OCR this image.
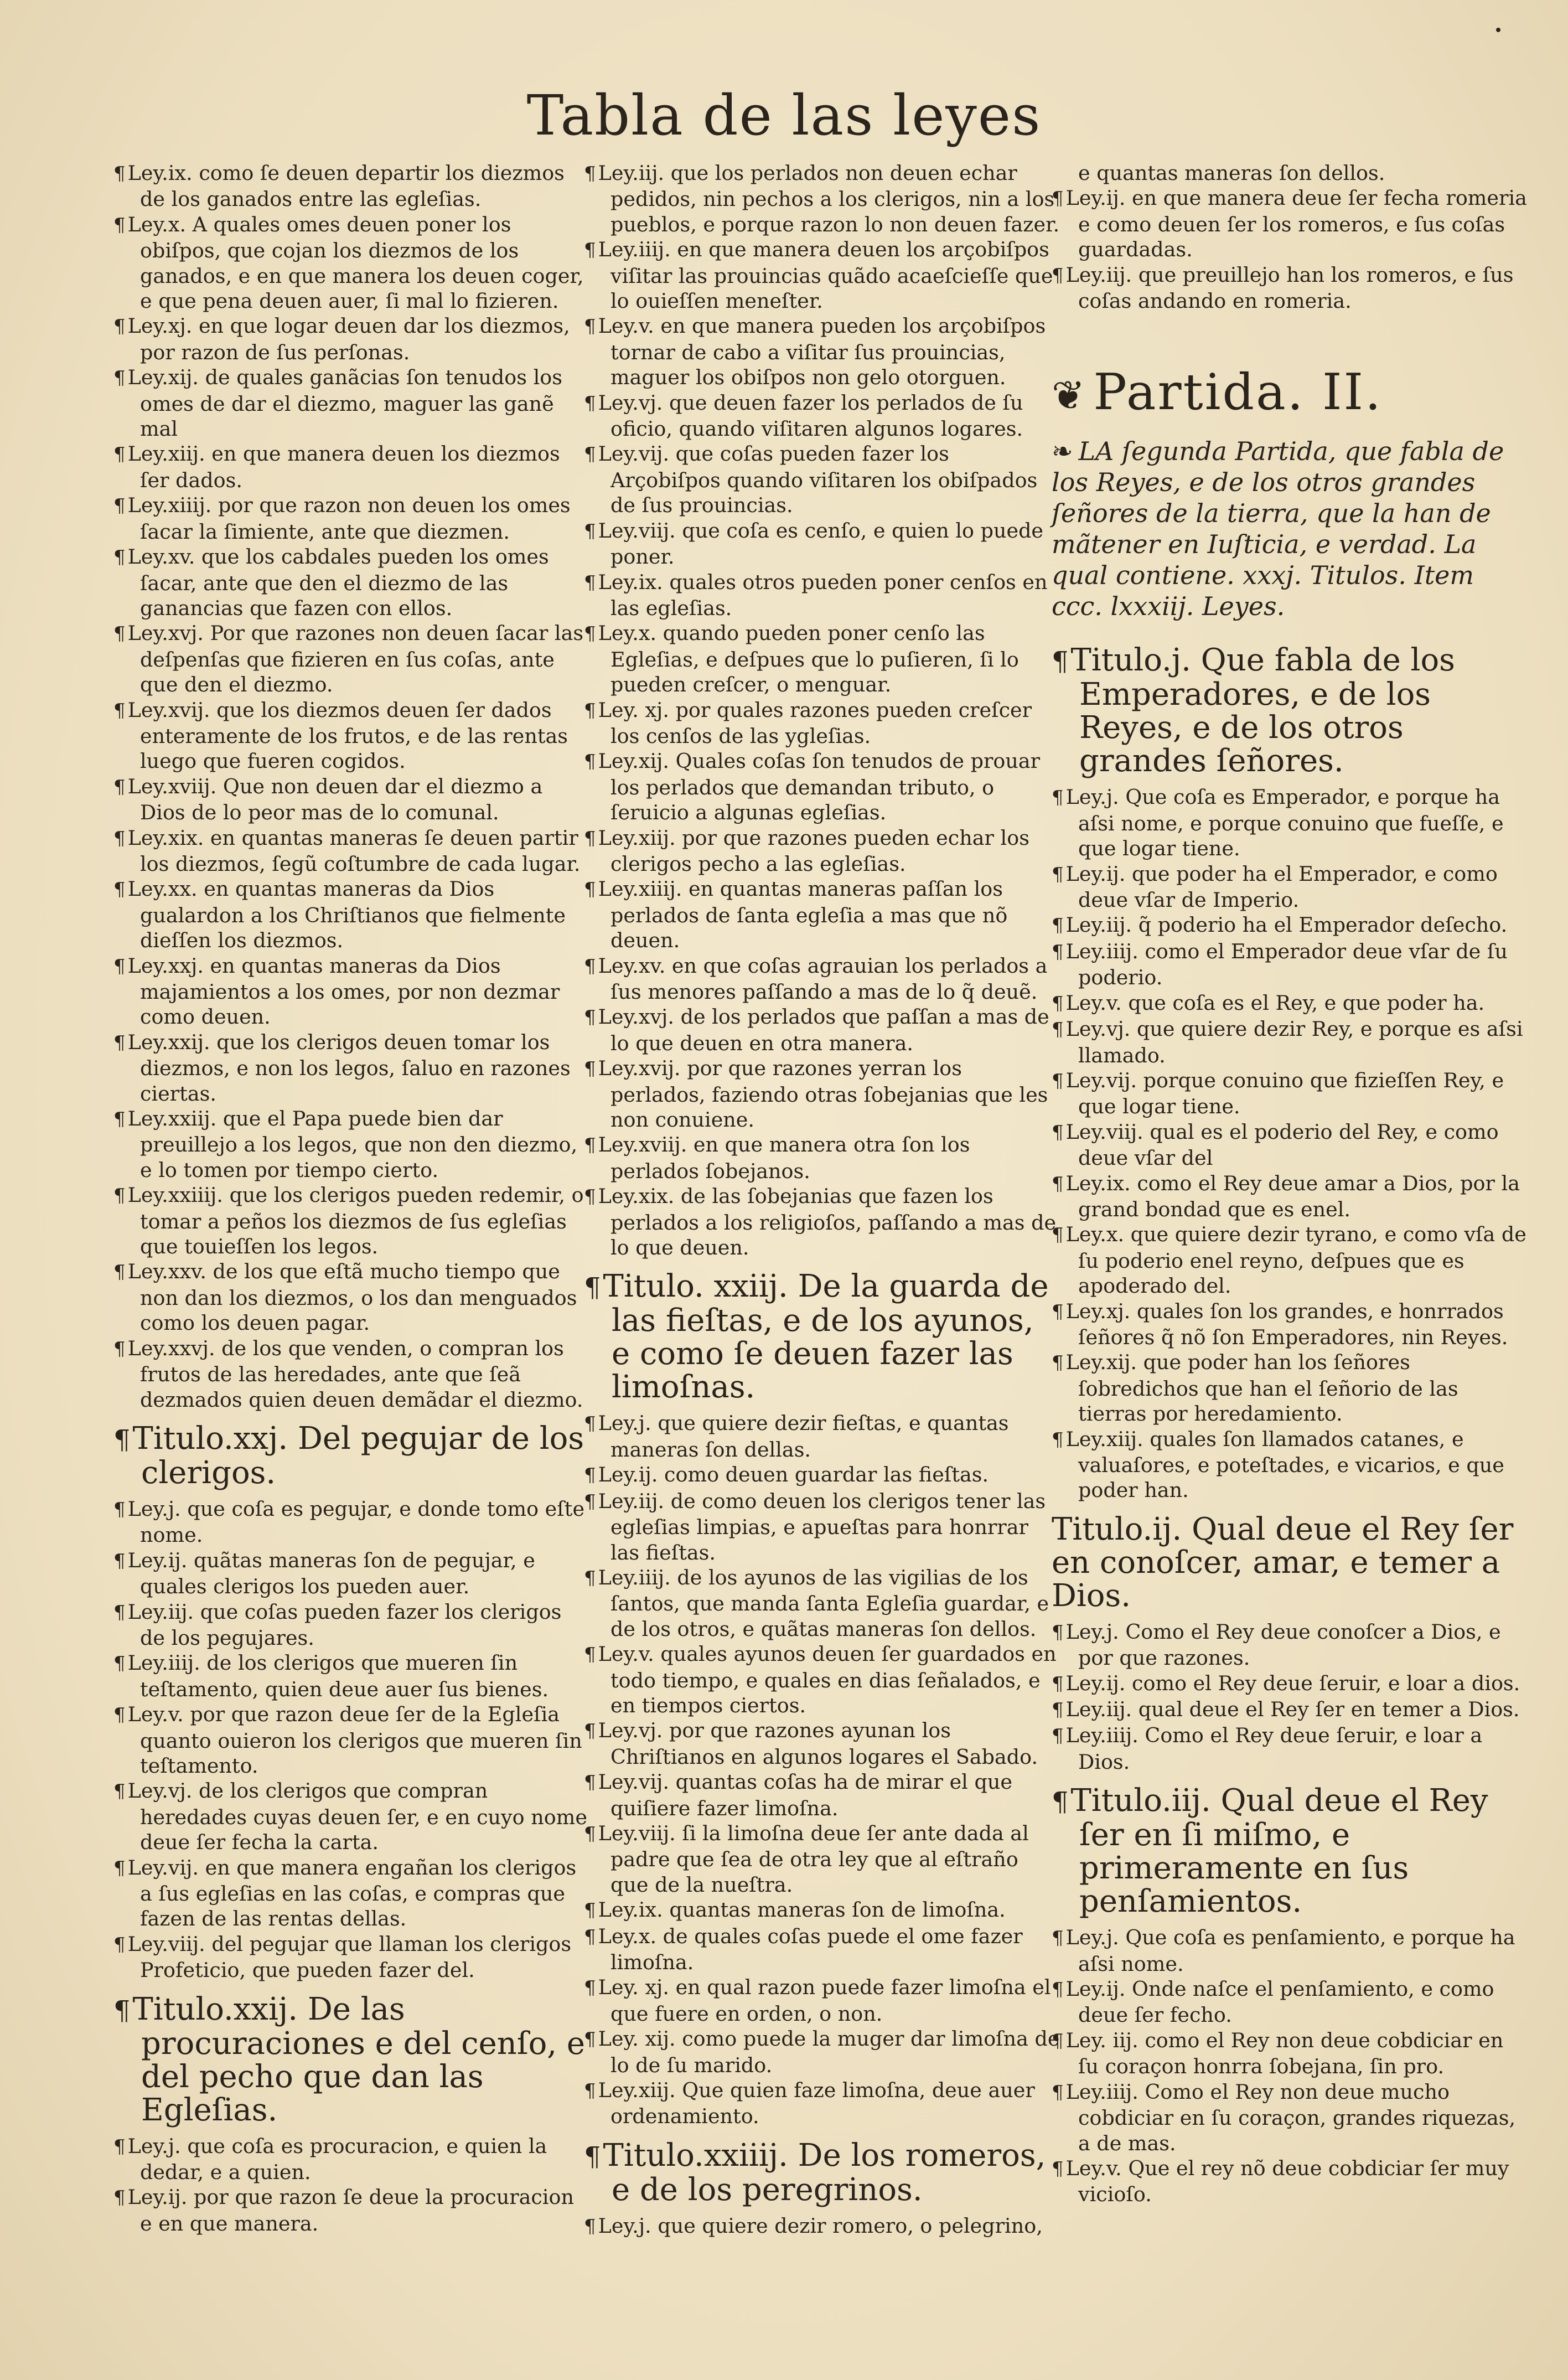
Tabla de las leyes

¶ Ley.ix. como ſe deuen departir los diezmos de los ganados entre las egleſias.

¶ Ley.x. A quales omes deuen poner los obiſpos, que cojan los diezmos de los ganados, e en que manera los deuen coger, e que pena deuen auer, ſi mal lo fizieren.

¶ Ley.xj. en que logar deuen dar los diezmos, por razon de ſus perſonas.

¶ Ley.xij. de quales ganãcias ſon tenudos los omes de dar el diezmo, maguer las ganẽ mal

¶ Ley.xiij. en que manera deuen los diezmos ſer dados.

¶ Ley.xiiij. por que razon non deuen los omes ſacar la ſimiente, ante que diezmen.

¶ Ley.xv. que los cabdales pueden los omes ſacar, ante que den el diezmo de las ganancias que fazen con ellos.

¶ Ley.xvj. Por que razones non deuen ſacar las deſpenſas que fizieren en ſus coſas, ante que den el diezmo.

¶ Ley.xvij. que los diezmos deuen ſer dados enteramente de los frutos, e de las rentas luego que fueren cogidos.

¶ Ley.xviij. Que non deuen dar el diezmo a Dios de lo peor mas de lo comunal.

¶ Ley.xix. en quantas maneras ſe deuen partir los diezmos, ſegũ coſtumbre de cada lugar.

¶ Ley.xx. en quantas maneras da Dios gualardon a los Chriſtianos que fielmente dieſſen los diezmos.

¶ Ley.xxj. en quantas maneras da Dios majamientos a los omes, por non dezmar como deuen.

¶ Ley.xxij. que los clerigos deuen tomar los diezmos, e non los legos, ſaluo en razones ciertas.

¶ Ley.xxiij. que el Papa puede bien dar preuillejo a los legos, que non den diezmo, e lo tomen por tiempo cierto.

¶ Ley.xxiiij. que los clerigos pueden redemir, o tomar a peños los diezmos de ſus egleſias que touieſſen los legos.

¶ Ley.xxv. de los que eſtã mucho tiempo que non dan los diezmos, o los dan menguados como los deuen pagar.

¶ Ley.xxvj. de los que venden, o compran los frutos de las heredades, ante que ſeã dezmados quien deuen demãdar el diezmo.

¶ Titulo.xxj. Del pegujar de los clerigos.

¶ Ley.j. que coſa es pegujar, e donde tomo eſte nome.

¶ Ley.ij. quãtas maneras ſon de pegujar, e quales clerigos los pueden auer.

¶ Ley.iij. que coſas pueden fazer los clerigos de los pegujares.

¶ Ley.iiij. de los clerigos que mueren ſin teſtamento, quien deue auer ſus bienes.

¶ Ley.v. por que razon deue ſer de la Egleſia quanto ouieron los clerigos que mueren ſin teſtamento.

¶ Ley.vj. de los clerigos que compran heredades cuyas deuen ſer, e en cuyo nome deue ſer fecha la carta.

¶ Ley.vij. en que manera engañan los clerigos a ſus egleſias en las coſas, e compras que fazen de las rentas dellas.

¶ Ley.viij. del pegujar que llaman los clerigos Profeticio, que pueden fazer del.

¶ Titulo.xxij. De las procuraciones e del cenſo, e del pecho que dan las Egleſias.

¶ Ley.j. que coſa es procuracion, e quien la dedar, e a quien.

¶ Ley.ij. por que razon ſe deue la procuracion e en que manera.

¶ Ley.iij. que los perlados non deuen echar pedidos, nin pechos a los clerigos, nin a los pueblos, e porque razon lo non deuen fazer.

¶ Ley.iiij. en que manera deuen los arçobiſpos viſitar las prouincias quãdo acaeſcieſſe que lo ouieſſen meneſter.

¶ Ley.v. en que manera pueden los arçobiſpos tornar de cabo a viſitar ſus prouincias, maguer los obiſpos non gelo otorguen.

¶ Ley.vj. que deuen fazer los perlados de ſu oficio, quando viſitaren algunos logares.

¶ Ley.vij. que coſas pueden fazer los Arçobiſpos quando viſitaren los obiſpados de ſus prouincias.

¶ Ley.viij. que coſa es cenſo, e quien lo puede poner.

¶ Ley.ix. quales otros pueden poner cenſos en las egleſias.

¶ Ley.x. quando pueden poner cenſo las Egleſias, e deſpues que lo puſieren, ſi lo pueden creſcer, o menguar.

¶ Ley. xj. por quales razones pueden creſcer los cenſos de las ygleſias.

¶ Ley.xij. Quales coſas ſon tenudos de prouar los perlados que demandan tributo, o ſeruicio a algunas egleſias.

¶ Ley.xiij. por que razones pueden echar los clerigos pecho a las egleſias.

¶ Ley.xiiij. en quantas maneras paſſan los perlados de ſanta egleſia a mas que nõ deuen.

¶ Ley.xv. en que coſas agrauian los perlados a ſus menores paſſando a mas de lo q̃ deuẽ.

¶ Ley.xvj. de los perlados que paſſan a mas de lo que deuen en otra manera.

¶ Ley.xvij. por que razones yerran los perlados, faziendo otras ſobejanias que les non conuiene.

¶ Ley.xviij. en que manera otra ſon los perlados ſobejanos.

¶ Ley.xix. de las ſobejanias que fazen los perlados a los religioſos, paſſando a mas de lo que deuen.

¶ Titulo. xxiij. De la guarda de las fieſtas, e de los ayunos, e como ſe deuen fazer las limoſnas.

¶ Ley.j. que quiere dezir fieſtas, e quantas maneras ſon dellas.

¶ Ley.ij. como deuen guardar las fieſtas.

¶ Ley.iij. de como deuen los clerigos tener las egleſias limpias, e apueſtas para honrrar las fieſtas.

¶ Ley.iiij. de los ayunos de las vigilias de los ſantos, que manda ſanta Egleſia guardar, e de los otros, e quãtas maneras ſon dellos.

¶ Ley.v. quales ayunos deuen ſer guardados en todo tiempo, e quales en dias ſeñalados, e en tiempos ciertos.

¶ Ley.vj. por que razones ayunan los Chriſtianos en algunos logares el Sabado.

¶ Ley.vij. quantas coſas ha de mirar el que quiſiere fazer limoſna.

¶ Ley.viij. ſi la limoſna deue ſer ante dada al padre que ſea de otra ley que al eſtraño que de la nueſtra.

¶ Ley.ix. quantas maneras ſon de limoſna.

¶ Ley.x. de quales coſas puede el ome fazer limoſna.

¶ Ley. xj. en qual razon puede fazer limoſna el que fuere en orden, o non.

¶ Ley. xij. como puede la muger dar limoſna de lo de ſu marido.

¶ Ley.xiij. Que quien faze limoſna, deue auer ordenamiento.

¶ Titulo.xxiiij. De los romeros, e de los peregrinos.

¶ Ley.j. que quiere dezir romero, o pelegrino,

e quantas maneras ſon dellos.

¶ Ley.ij. en que manera deue ſer fecha romeria e como deuen ſer los romeros, e ſus coſas guardadas.

¶ Ley.iij. que preuillejo han los romeros, e ſus coſas andando en romeria.

❦ Partida. II.

❧ LA ſegunda Partida, que fabla de los Reyes, e de los otros grandes ſeñores de la tierra, que la han de mãtener en Iuſticia, e verdad. La qual contiene. xxxj. Titulos. Item ccc. lxxxiij. Leyes.

¶ Titulo.j. Que fabla de los Emperadores, e de los Reyes, e de los otros grandes ſeñores.

¶ Ley.j. Que coſa es Emperador, e porque ha aſsi nome, e porque conuino que fueſſe, e que logar tiene.

¶ Ley.ij. que poder ha el Emperador, e como deue vſar de Imperio.

¶ Ley.iij. q̃ poderio ha el Emperador deſecho.

¶ Ley.iiij. como el Emperador deue vſar de ſu poderio.

¶ Ley.v. que coſa es el Rey, e que poder ha.

¶ Ley.vj. que quiere dezir Rey, e porque es aſsi llamado.

¶ Ley.vij. porque conuino que fizieſſen Rey, e que logar tiene.

¶ Ley.viij. qual es el poderio del Rey, e como deue vſar del

¶ Ley.ix. como el Rey deue amar a Dios, por la grand bondad que es enel.

¶ Ley.x. que quiere dezir tyrano, e como vſa de ſu poderio enel reyno, deſpues que es apoderado del.

¶ Ley.xj. quales ſon los grandes, e honrrados ſeñores q̃ nõ ſon Emperadores, nin Reyes.

¶ Ley.xij. que poder han los ſeñores ſobredichos que han el ſeñorio de las tierras por heredamiento.

¶ Ley.xiij. quales ſon llamados catanes, e valuaſores, e poteſtades, e vicarios, e que poder han.

Titulo.ij. Qual deue el Rey ſer en conoſcer, amar, e temer a Dios.

¶ Ley.j. Como el Rey deue conoſcer a Dios, e por que razones.

¶ Ley.ij. como el Rey deue ſeruir, e loar a dios.

¶ Ley.iij. qual deue el Rey ſer en temer a Dios.

¶ Ley.iiij. Como el Rey deue ſeruir, e loar a Dios.

¶ Titulo.iij. Qual deue el Rey ſer en ſi miſmo, e primeramente en ſus penſamientos.

¶ Ley.j. Que coſa es penſamiento, e porque ha aſsi nome.

¶ Ley.ij. Onde naſce el penſamiento, e como deue ſer fecho.

¶ Ley. iij. como el Rey non deue cobdiciar en ſu coraçon honrra ſobejana, ſin pro.

¶ Ley.iiij. Como el Rey non deue mucho cobdiciar en ſu coraçon, grandes riquezas, a de mas.

¶ Ley.v. Que el rey nõ deue cobdiciar ſer muy vicioſo.
